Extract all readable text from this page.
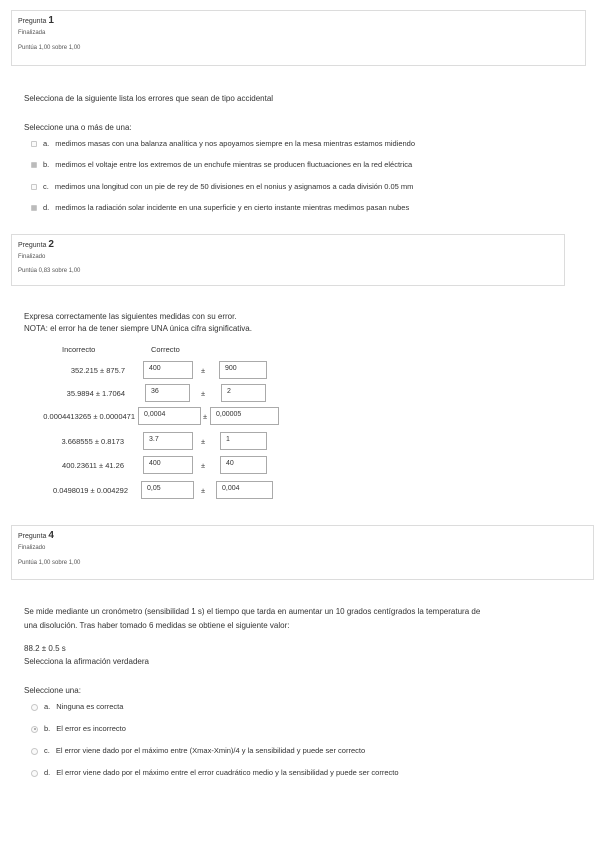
Pregunta 1
Finalizada
Puntúa 1,00 sobre 1,00
Selecciona de la siguiente lista los errores que sean de tipo accidental
Seleccione una o más de una:
a. medimos masas con una balanza analítica y nos apoyamos siempre en la mesa mientras estamos midiendo
b. medimos el voltaje entre los extremos de un enchufe mientras se producen fluctuaciones en la red eléctrica
c. medimos una longitud con un pie de rey de 50 divisiones en el nonius y asignamos a cada división 0.05 mm
d. medimos la radiación solar incidente en una superficie y en cierto instante mientras medimos pasan nubes
Pregunta 2
Finalizado
Puntúa 0,83 sobre 1,00
Expresa correctamente las siguientes medidas con su error.
NOTA: el error ha de tener siempre UNA única cifra significativa.
Incorrecto	Correcto
352.215 ± 875.7	400	±	900
35.9894 ± 1.7064	36	±	2
0.0004413265 ± 0.0000471	0,0004	±	0,00005
3.668555 ± 0.8173	3.7	±	1
400.23611 ± 41.26	400	±	40
0.0498019 ± 0.004292	0,05	±	0,004
Pregunta 4
Finalizado
Puntúa 1,00 sobre 1,00
Se mide mediante un cronómetro (sensibilidad 1 s) el tiempo que tarda en aumentar un 10 grados centígrados la temperatura de
una disolución. Tras haber tomado 6 medidas se obtiene el siguiente valor:
88.2 ± 0.5 s
Selecciona la afirmación verdadera
Seleccione una:
a. Ninguna es correcta
b. El error es incorrecto
c. El error viene dado por el máximo entre (Xmax-Xmin)/4 y la sensibilidad y puede ser correcto
d. El error viene dado por el máximo entre el error cuadrático medio y la sensibilidad y puede ser correcto
